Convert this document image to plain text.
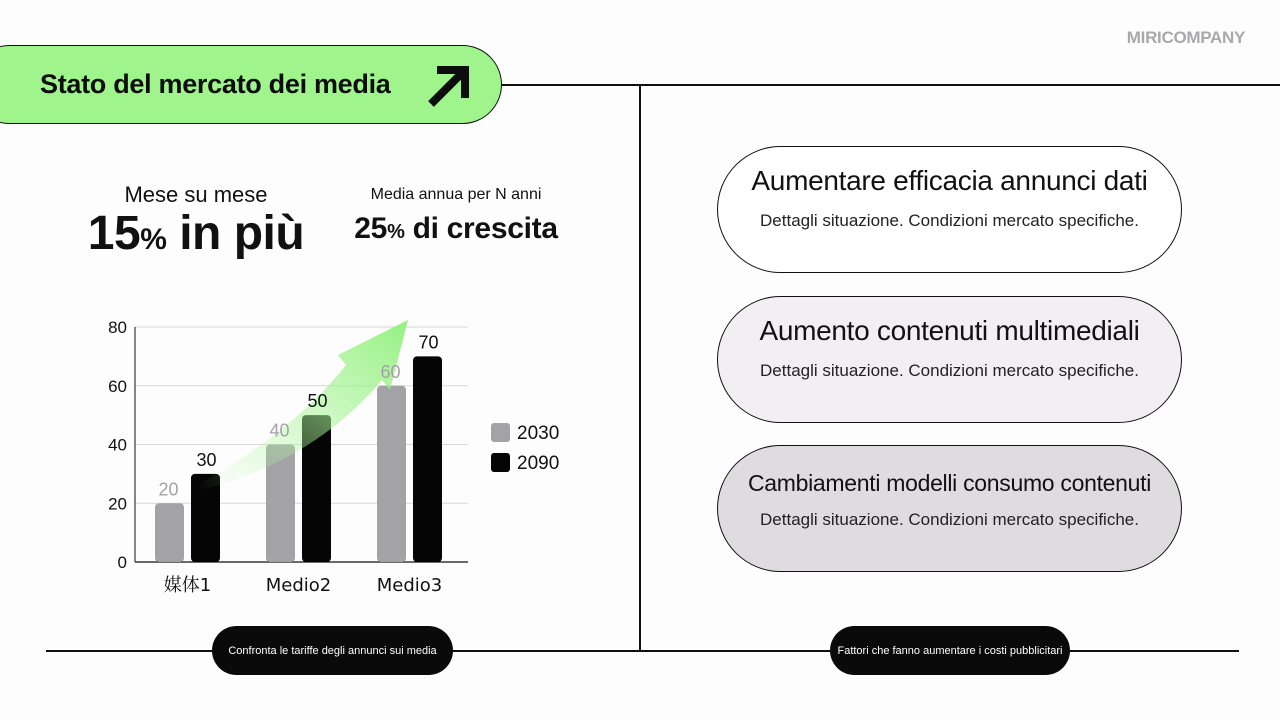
MIRICOMPANY
Stato del mercato dei media
Mese su mese
15% in più
Media annua per N anni
25% di crescita
0
20
40
60
80
20
30
媒体1
40
50
Medio2
60
70
Medio3
2030
2090
Aumentare efficacia annunci dati
Dettagli situazione. Condizioni mercato specifiche.
Aumento contenuti multimediali
Dettagli situazione. Condizioni mercato specifiche.
Cambiamenti modelli consumo contenuti
Dettagli situazione. Condizioni mercato specifiche.
Confronta le tariffe degli annunci sui media	Fattori che fanno aumentare i costi pubblicitari
